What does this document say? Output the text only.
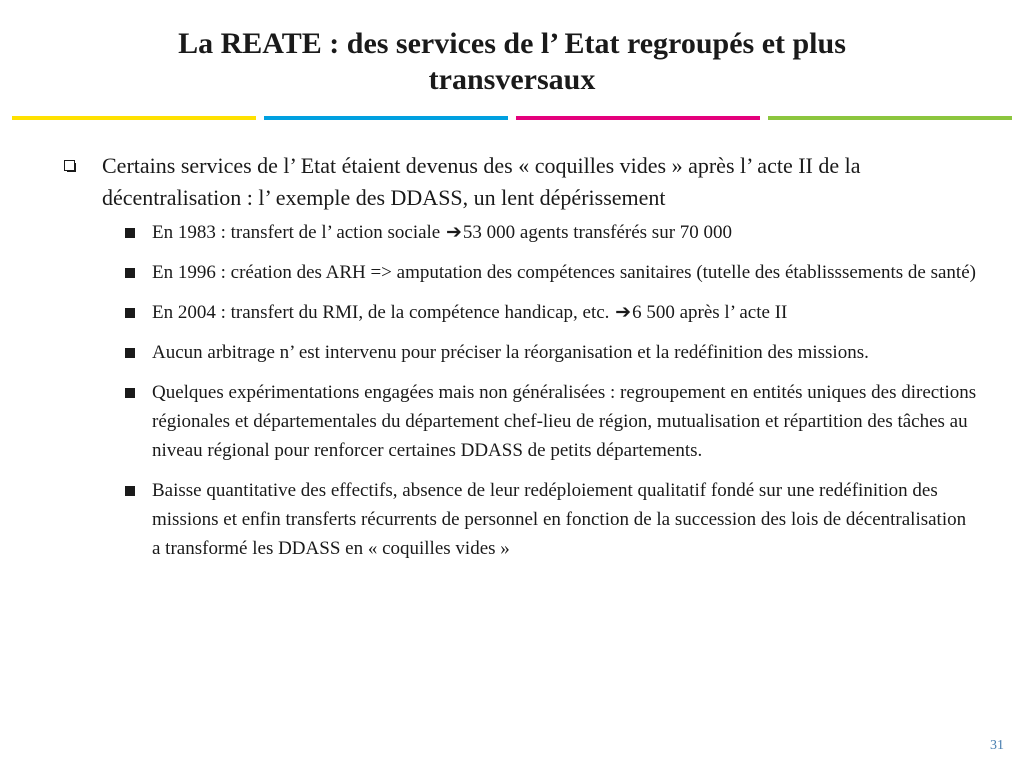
La REATE : des services de l’ Etat regroupés et plus
transversaux
Certains services de l’ Etat étaient devenus des « coquilles vides » après l’ acte II de la décentralisation : l’ exemple des DDASS, un lent dépérissement
En 1983 : transfert de l’ action sociale ➔53 000 agents transférés sur 70 000
En 1996 : création des ARH => amputation des compétences sanitaires (tutelle des établisssements de santé)
En 2004 : transfert du RMI, de la compétence handicap, etc. ➔6 500 après l’ acte II
Aucun arbitrage n’ est intervenu pour préciser la réorganisation et la redéfinition des missions.
Quelques expérimentations engagées mais non généralisées : regroupement en entités uniques des directions régionales et départementales du département chef-lieu de région, mutualisation et répartition des tâches au niveau régional pour renforcer certaines DDASS de petits départements.
Baisse quantitative des effectifs, absence de leur redéploiement qualitatif fondé sur une redéfinition des missions et enfin transferts récurrents de personnel en fonction de la succession des lois de décentralisation a transformé les DDASS en « coquilles vides »
31
